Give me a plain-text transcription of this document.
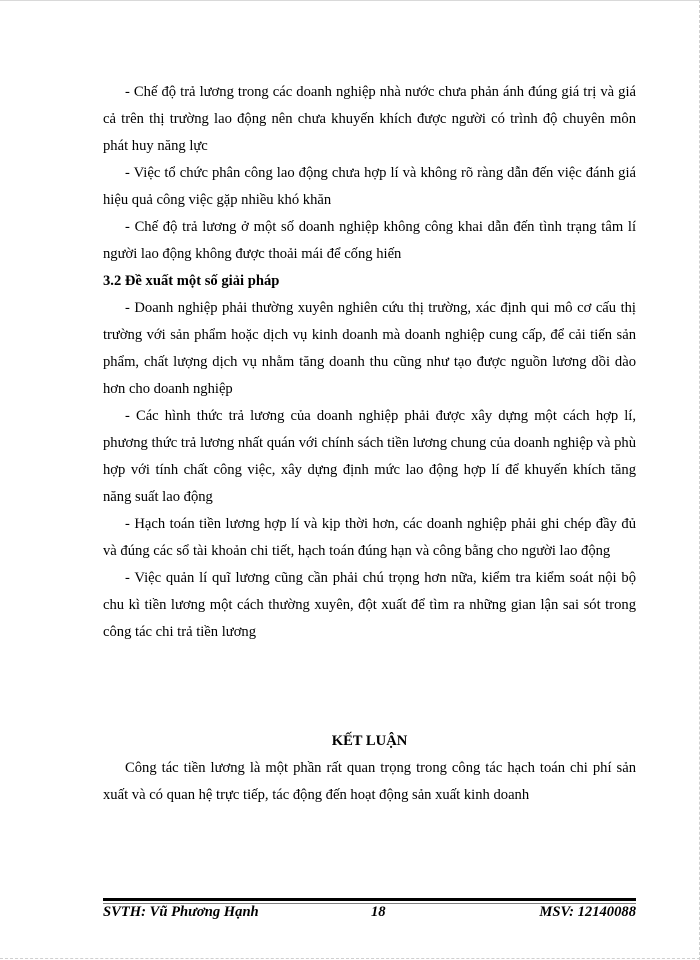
- Chế độ trả lương trong các doanh nghiệp nhà nước chưa phản ánh đúng giá trị và giá cả trên thị trường lao động nên chưa khuyến khích được người có trình độ chuyên môn phát huy năng lực

- Việc tổ chức phân công lao động chưa hợp lí và không rõ ràng dẫn đến việc đánh giá hiệu quả công việc gặp nhiều khó khăn

- Chế độ trả lương ở một số doanh nghiệp không công khai dẫn đến tình trạng tâm lí người lao động không được thoải mái để cống hiến

3.2 Đề xuất một số giải pháp

- Doanh nghiệp phải thường xuyên nghiên cứu thị trường, xác định qui mô cơ cấu thị trường với sản phẩm hoặc dịch vụ kinh doanh mà doanh nghiệp cung cấp, để cải tiến sản phẩm, chất lượng dịch vụ nhằm tăng doanh thu cũng như tạo được nguồn lương dồi dào hơn cho doanh nghiệp

- Các hình thức trả lương của doanh nghiệp phải được xây dựng một cách hợp lí, phương thức trả lương nhất quán với chính sách tiền lương chung của doanh nghiệp và phù hợp với tính chất công việc, xây dựng định mức lao động hợp lí để khuyến khích tăng năng suất lao động

- Hạch toán tiền lương hợp lí và kịp thời hơn, các doanh nghiệp phải ghi chép đầy đủ và đúng các sổ tài khoản chi tiết, hạch toán đúng hạn và công bằng cho người lao động

- Việc quản lí quĩ lương cũng cần phải chú trọng hơn nữa, kiểm tra kiểm soát nội bộ chu kì tiền lương một cách thường xuyên, đột xuất để tìm ra những gian lận sai sót trong công tác chi trả tiền lương

KẾT LUẬN

Công tác tiền lương là một phần rất quan trọng trong công tác hạch toán chi phí sản xuất và có quan hệ trực tiếp, tác động đến hoạt động sản xuất kinh doanh

SVTH: Vũ Phương Hạnh	18	MSV: 12140088
